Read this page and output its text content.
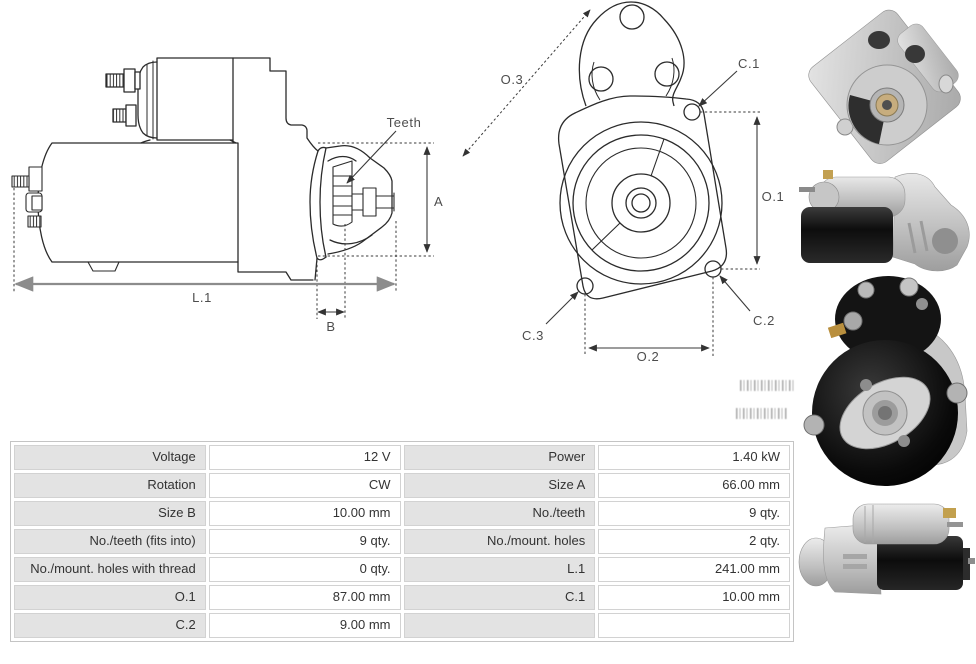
Teeth
A
L.1
B
O.3
C.1
O.1
C.2
C.3
O.2
Voltage	12 V	Power	1.40 kW
Rotation	CW	Size A	66.00 mm
Size B	10.00 mm	No./teeth	9 qty.
No./teeth (fits into)	9 qty.	No./mount. holes	2 qty.
No./mount. holes with thread	0 qty.	L.1	241.00 mm
O.1	87.00 mm	C.1	10.00 mm
C.2	9.00 mm		
